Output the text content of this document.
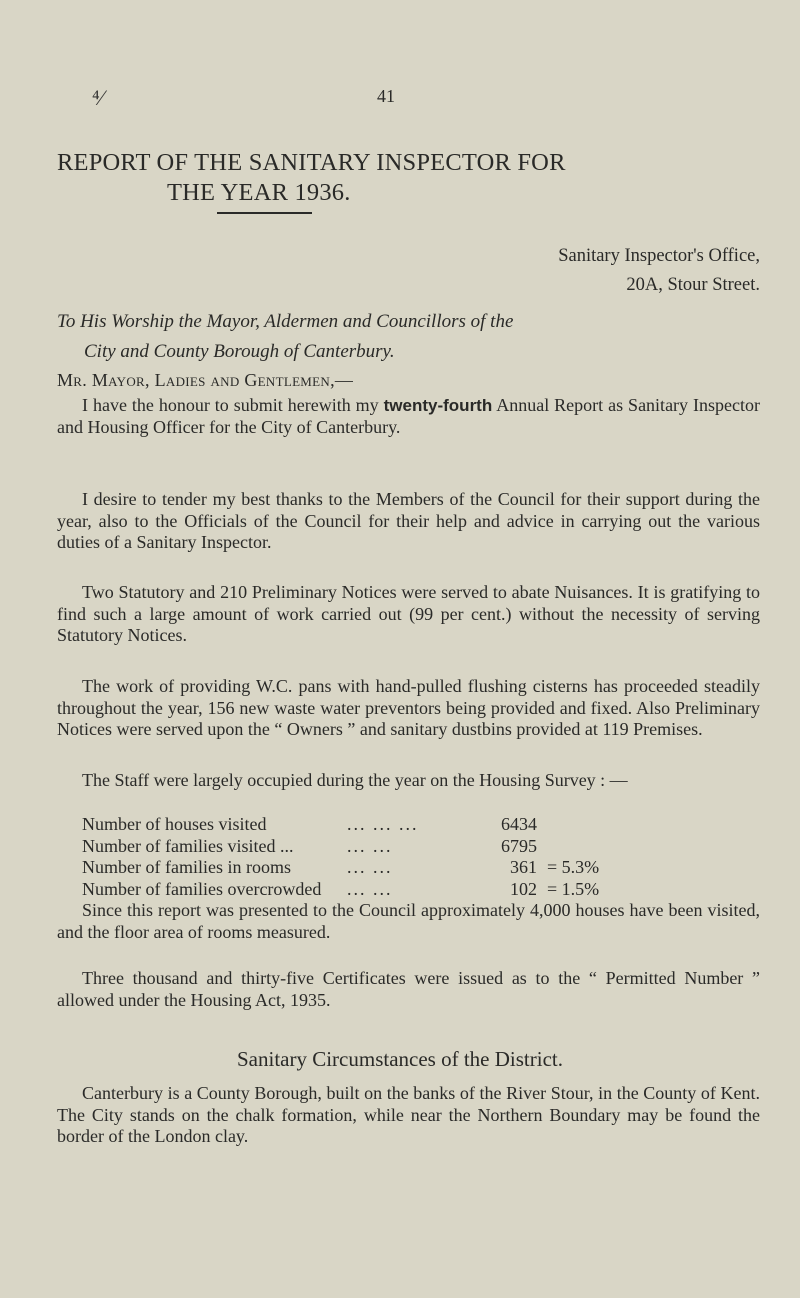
⁴⁄	41
REPORT OF THE SANITARY INSPECTOR FOR
THE YEAR 1936.
Sanitary Inspector's Office,
20A, Stour Street.
To His Worship the Mayor, Aldermen and Councillors of the
City and County Borough of Canterbury.
Mr. Mayor, Ladies and Gentlemen,—
I have the honour to submit herewith my twenty-fourth Annual Report as Sanitary Inspector and Housing Officer for the City of Canterbury.
I desire to tender my best thanks to the Members of the Council for their support during the year, also to the Officials of the Council for their help and advice in carrying out the various duties of a Sanitary Inspector.
Two Statutory and 210 Preliminary Notices were served to abate Nuisances. It is gratifying to find such a large amount of work carried out (99 per cent.) without the necessity of serving Statutory Notices.
The work of providing W.C. pans with hand-pulled flushing cisterns has proceeded steadily throughout the year, 156 new waste water preventors being provided and fixed. Also Preliminary Notices were served upon the “ Owners ” and sanitary dustbins provided at 119 Premises.
The Staff were largely occupied during the year on the Housing Survey : —
Number of houses visited	... ... ...	6434
Number of families visited ...	... ...	6795
Number of families in rooms	... ...	361 = 5.3%
Number of families overcrowded ... ...	102 = 1.5%
Since this report was presented to the Council approximately 4,000 houses have been visited, and the floor area of rooms measured.
Three thousand and thirty-five Certificates were issued as to the “ Permitted Number ” allowed under the Housing Act, 1935.
Sanitary Circumstances of the District.
Canterbury is a County Borough, built on the banks of the River Stour, in the County of Kent. The City stands on the chalk formation, while near the Northern Boundary may be found the border of the London clay.
